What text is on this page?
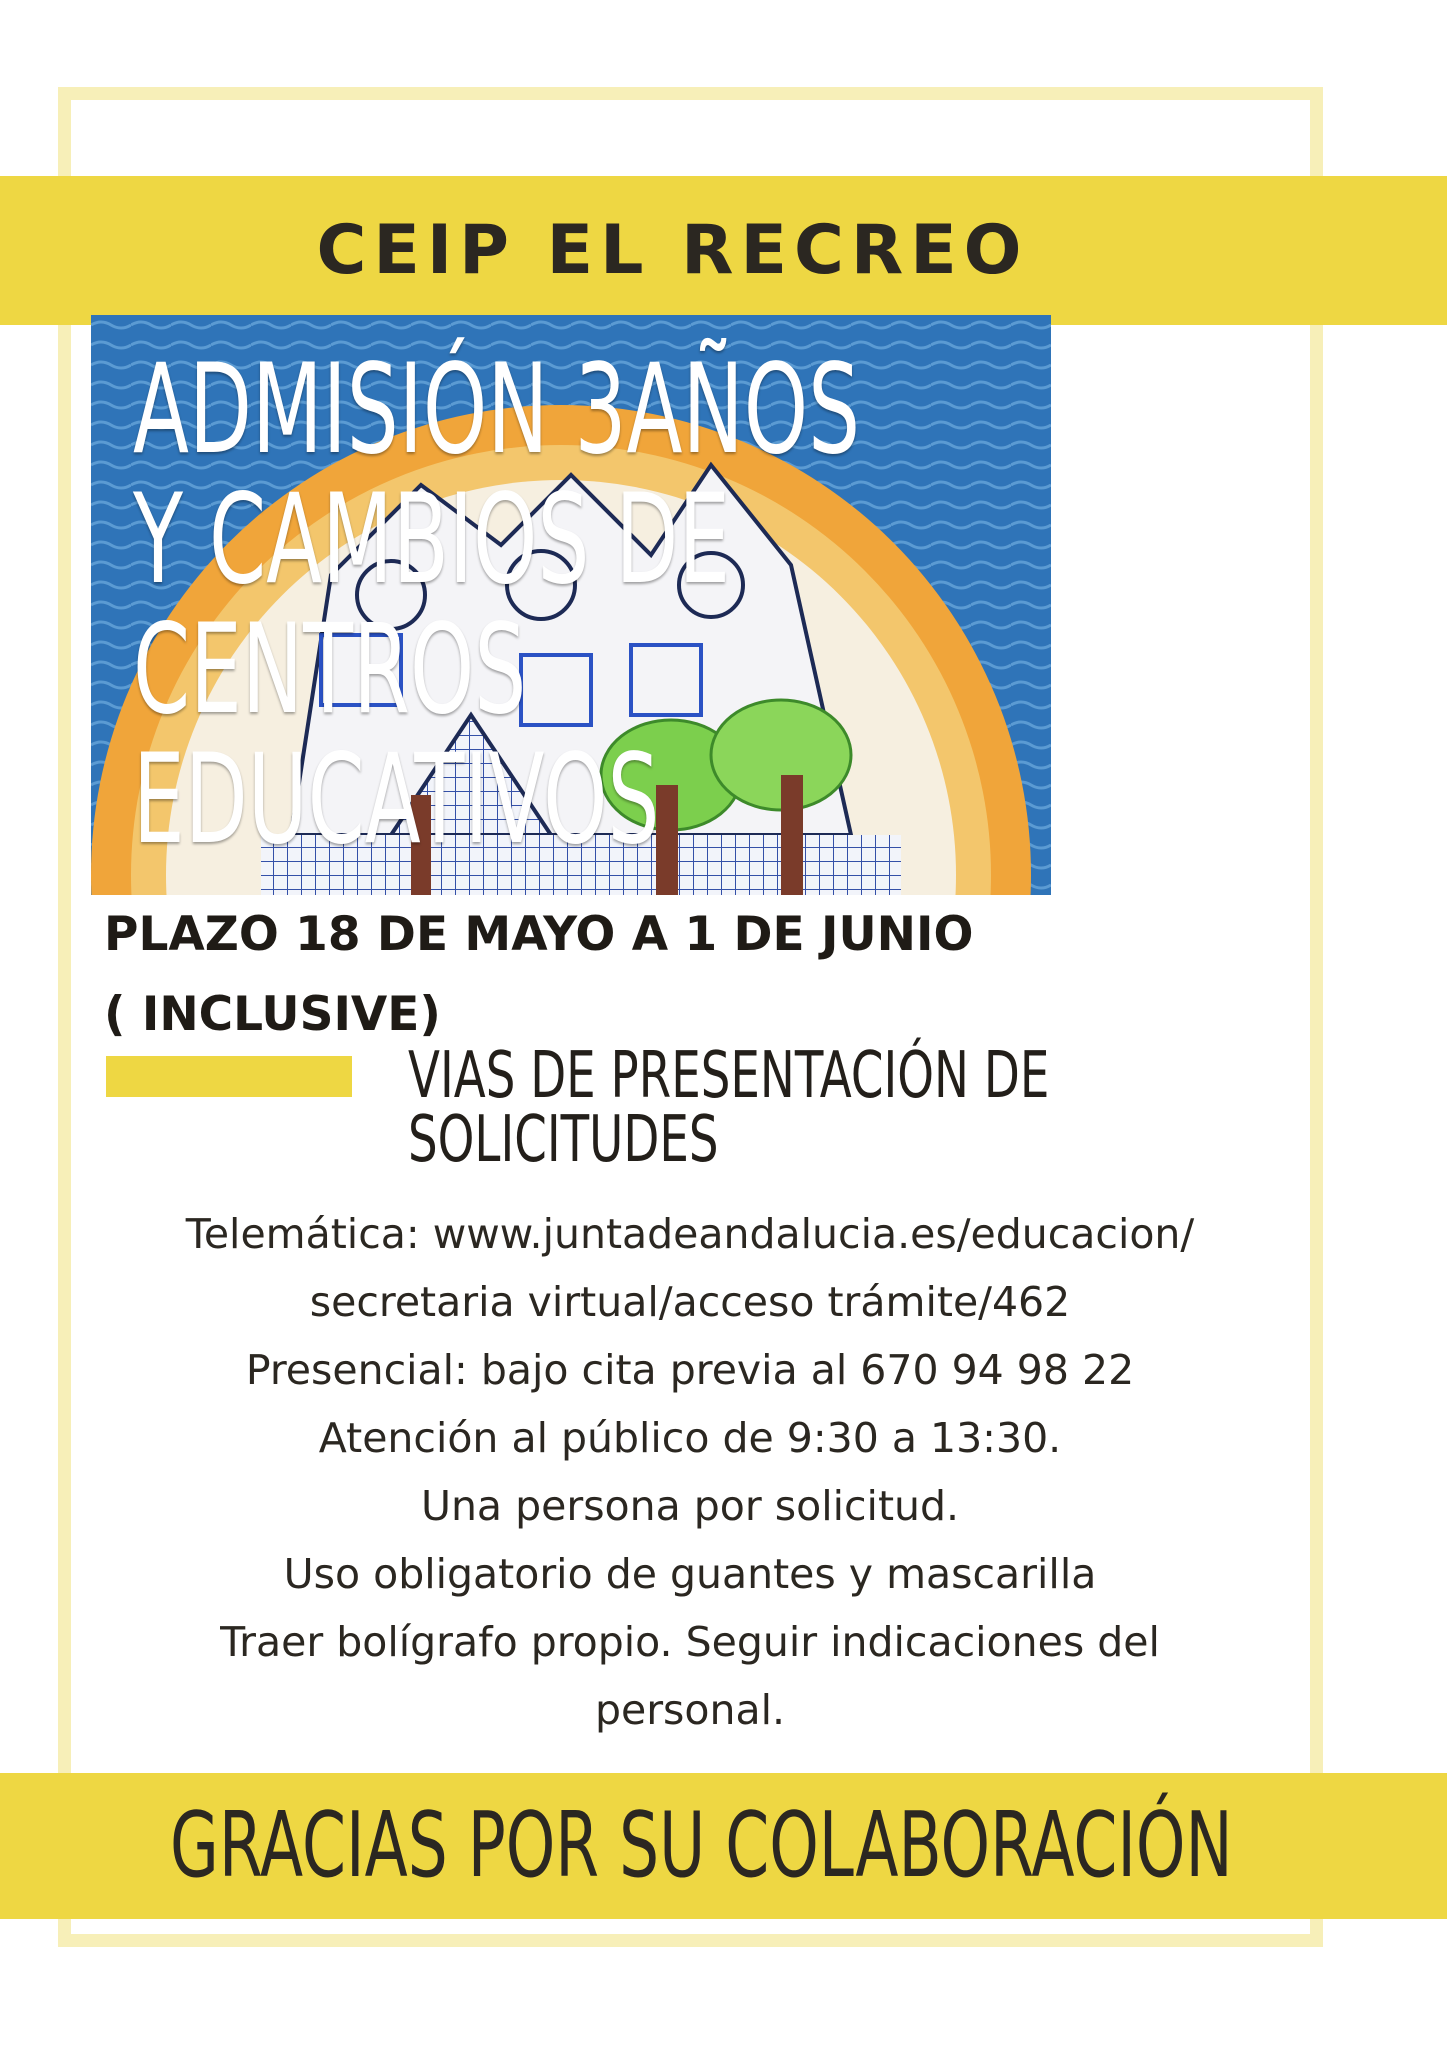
CEIP EL RECREO
ADMISIÓN 3AÑOS
Y CAMBIOS DE
CENTROS
EDUCATIVOS
PLAZO 18 DE MAYO A 1 DE JUNIO
( INCLUSIVE)
VIAS DE PRESENTACIÓN DE
SOLICITUDES
Telemática: www.juntadeandalucia.es/educacion/
secretaria virtual/acceso trámite/462
Presencial: bajo cita previa al 670 94 98 22
Atención al público de 9:30 a 13:30.
Una persona por solicitud.
Uso obligatorio de guantes y mascarilla
Traer bolígrafo propio. Seguir indicaciones del
personal.
GRACIAS POR SU COLABORACIÓN
